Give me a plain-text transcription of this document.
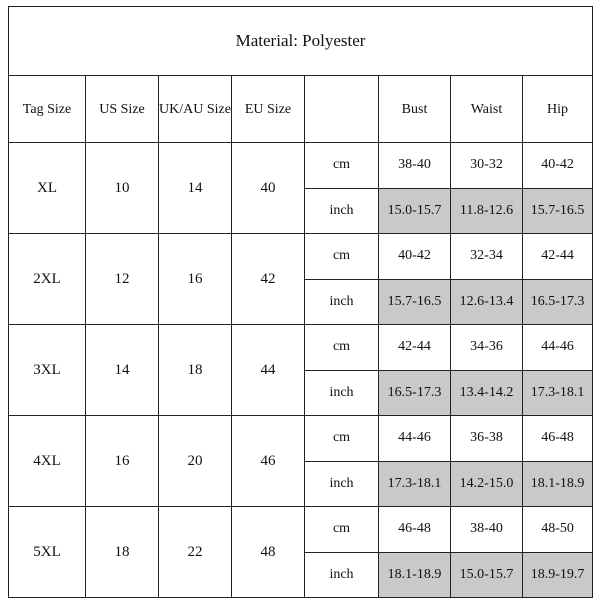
Material: Polyester							
Tag Size	US Size	UK/AU Size	EU Size		Bust	Waist	Hip
XL	10	14	40	cm	38-40	30-32	40-42
				inch	15.0-15.7	11.8-12.6	15.7-16.5
2XL	12	16	42	cm	40-42	32-34	42-44
				inch	15.7-16.5	12.6-13.4	16.5-17.3
3XL	14	18	44	cm	42-44	34-36	44-46
				inch	16.5-17.3	13.4-14.2	17.3-18.1
4XL	16	20	46	cm	44-46	36-38	46-48
				inch	17.3-18.1	14.2-15.0	18.1-18.9
5XL	18	22	48	cm	46-48	38-40	48-50
				inch	18.1-18.9	15.0-15.7	18.9-19.7
